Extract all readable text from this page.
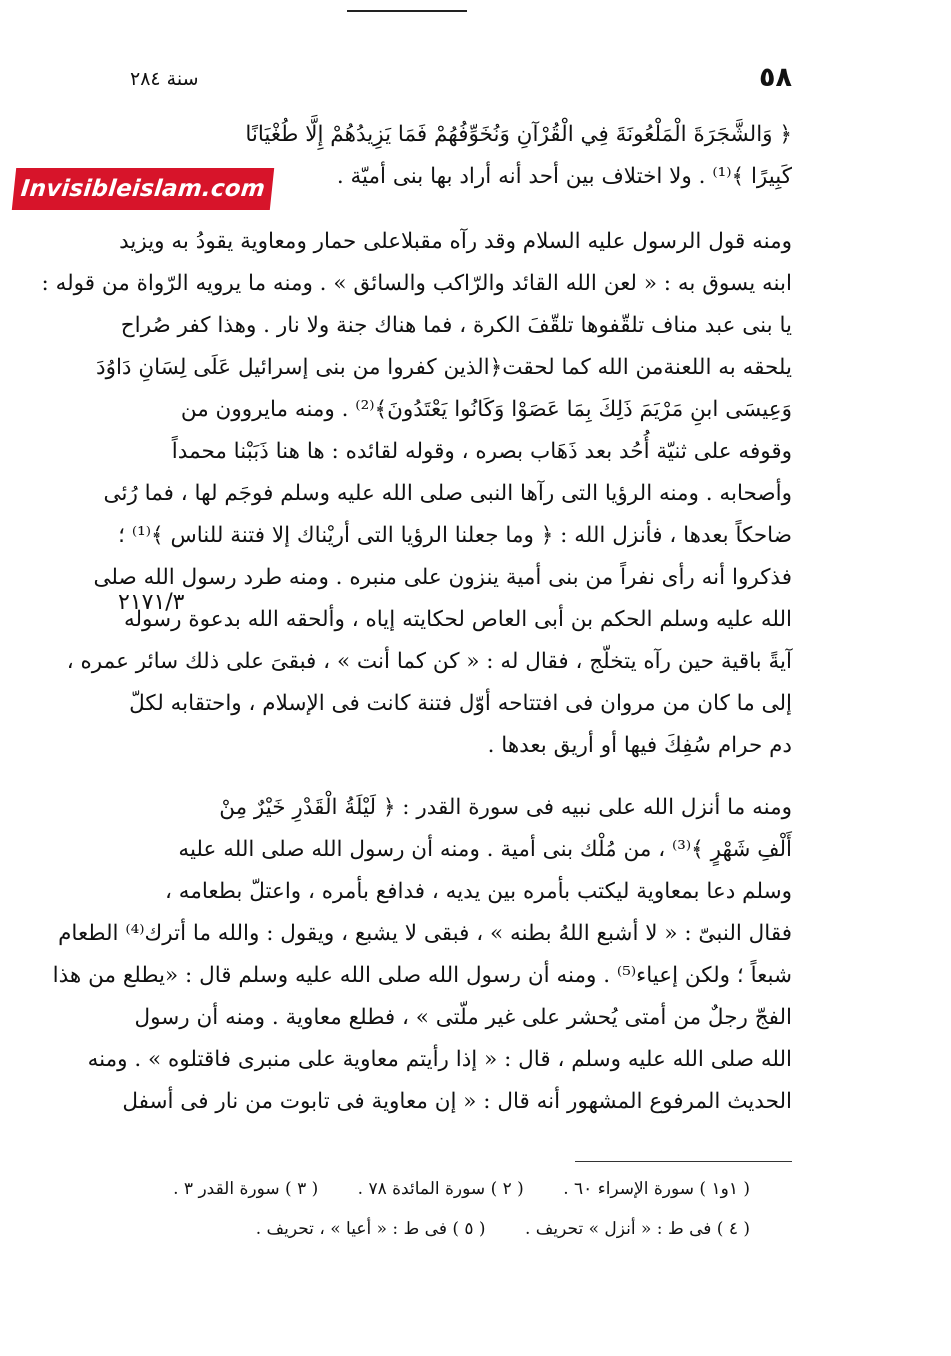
٥٨
سنة ٢٨٤
﴿ وَالشَّجَرَةَ الْمَلْعُونَةَ فِي الْقُرْآنِ وَنُخَوِّفُهُمْ فَمَا يَزِيدُهُمْ إِلَّا طُغْيَانًا
كَبِيرًا ﴾⁽¹⁾ . ولا اختلاف بين أحد أنه أراد بها بنى أميّة .
Invisibleislam.com
ومنه قول الرسول عليه السلام وقد رآه مقبلاعلى حمار ومعاوية يقودُ به ويزيد
ابنه يسوق به : « لعن الله القائد والرّاكب والسائق » . ومنه ما يرويه الرّواة من قوله :
يا بنى عبد مناف تلقّفوها تلقّفَ الكرة ، فما هناك جنة ولا نار . وهذا كفر صُراح
يلحقه به اللعنةمن الله كما لحقت﴿الذين كفروا من بنى إسرائيل عَلَى لِسَانِ دَاوُدَ
وَعِيسَى ابنِ مَرْيَمَ ذَلِكَ بِمَا عَصَوْا وَكَانُوا يَعْتَدُونَ﴾⁽²⁾ . ومنه مايروون من
وقوفه على ثنيّة أُحُد بعد ذَهَاب بصره ، وقوله لقائده : ها هنا ذَبَبْنا محمداً
وأصحابه . ومنه الرؤيا التى رآها النبى صلى الله عليه وسلم فوجَم لها ، فما رُئى
ضاحكاً بعدها ، فأنزل الله : ﴿ وما جعلنا الرؤيا التى أريْناك إلا فتنة للناس ﴾⁽¹⁾ ؛
فذكروا أنه رأى نفراً من بنى أمية ينزون على منبره . ومنه طرد رسول الله صلى
الله عليه وسلم الحكم بن أبى العاص لحكايته إياه ، وألحقه الله بدعوة رسوله
آيةً باقية حين رآه يتخلّج ، فقال له : « كن كما أنت » ، فبقىَ على ذلك سائر عمره ،
إلى ما كان من مروان فى افتتاحه أوّل فتنة كانت فى الإسلام ، واحتقابه لكلّ
دم حرام سُفِكَ فيها أو أريق بعدها .
٢١٧١/٣
ومنه ما أنزل الله على نبيه فى سورة القدر : ﴿ لَيْلَةُ الْقَدْرِ خَيْرٌ مِنْ
أَلْفِ شَهْرٍ ﴾⁽³⁾ ، من مُلْك بنى أمية . ومنه أن رسول الله صلى الله عليه
وسلم دعا بمعاوية ليكتب بأمره بين يديه ، فدافع بأمره ، واعتلّ بطعامه ،
فقال النبىّ : « لا أشبع اللهُ بطنه » ، فبقى لا يشبع ، ويقول : والله ما أترك⁽⁴⁾ الطعام
شبعاً ؛ ولكن إعياء⁽⁵⁾ . ومنه أن رسول الله صلى الله عليه وسلم قال : «يطلع من هذا
الفجّ رجلٌ من أمتى يُحشر على غير ملّتى » ، فطلع معاوية . ومنه أن رسول
الله صلى الله عليه وسلم ، قال : « إذا رأيتم معاوية على منبرى فاقتلوه » . ومنه
الحديث المرفوع المشهور أنه قال : « إن معاوية فى تابوت من نار فى أسفل
( ١و١ ) سورة الإسراء ٦٠ . ( ٢ ) سورة المائدة ٧٨ . ( ٣ ) سورة القدر ٣ .
( ٤ ) فى ط : « أنزل » تحريف . ( ٥ ) فى ط : « أعيا » ، تحريف .
